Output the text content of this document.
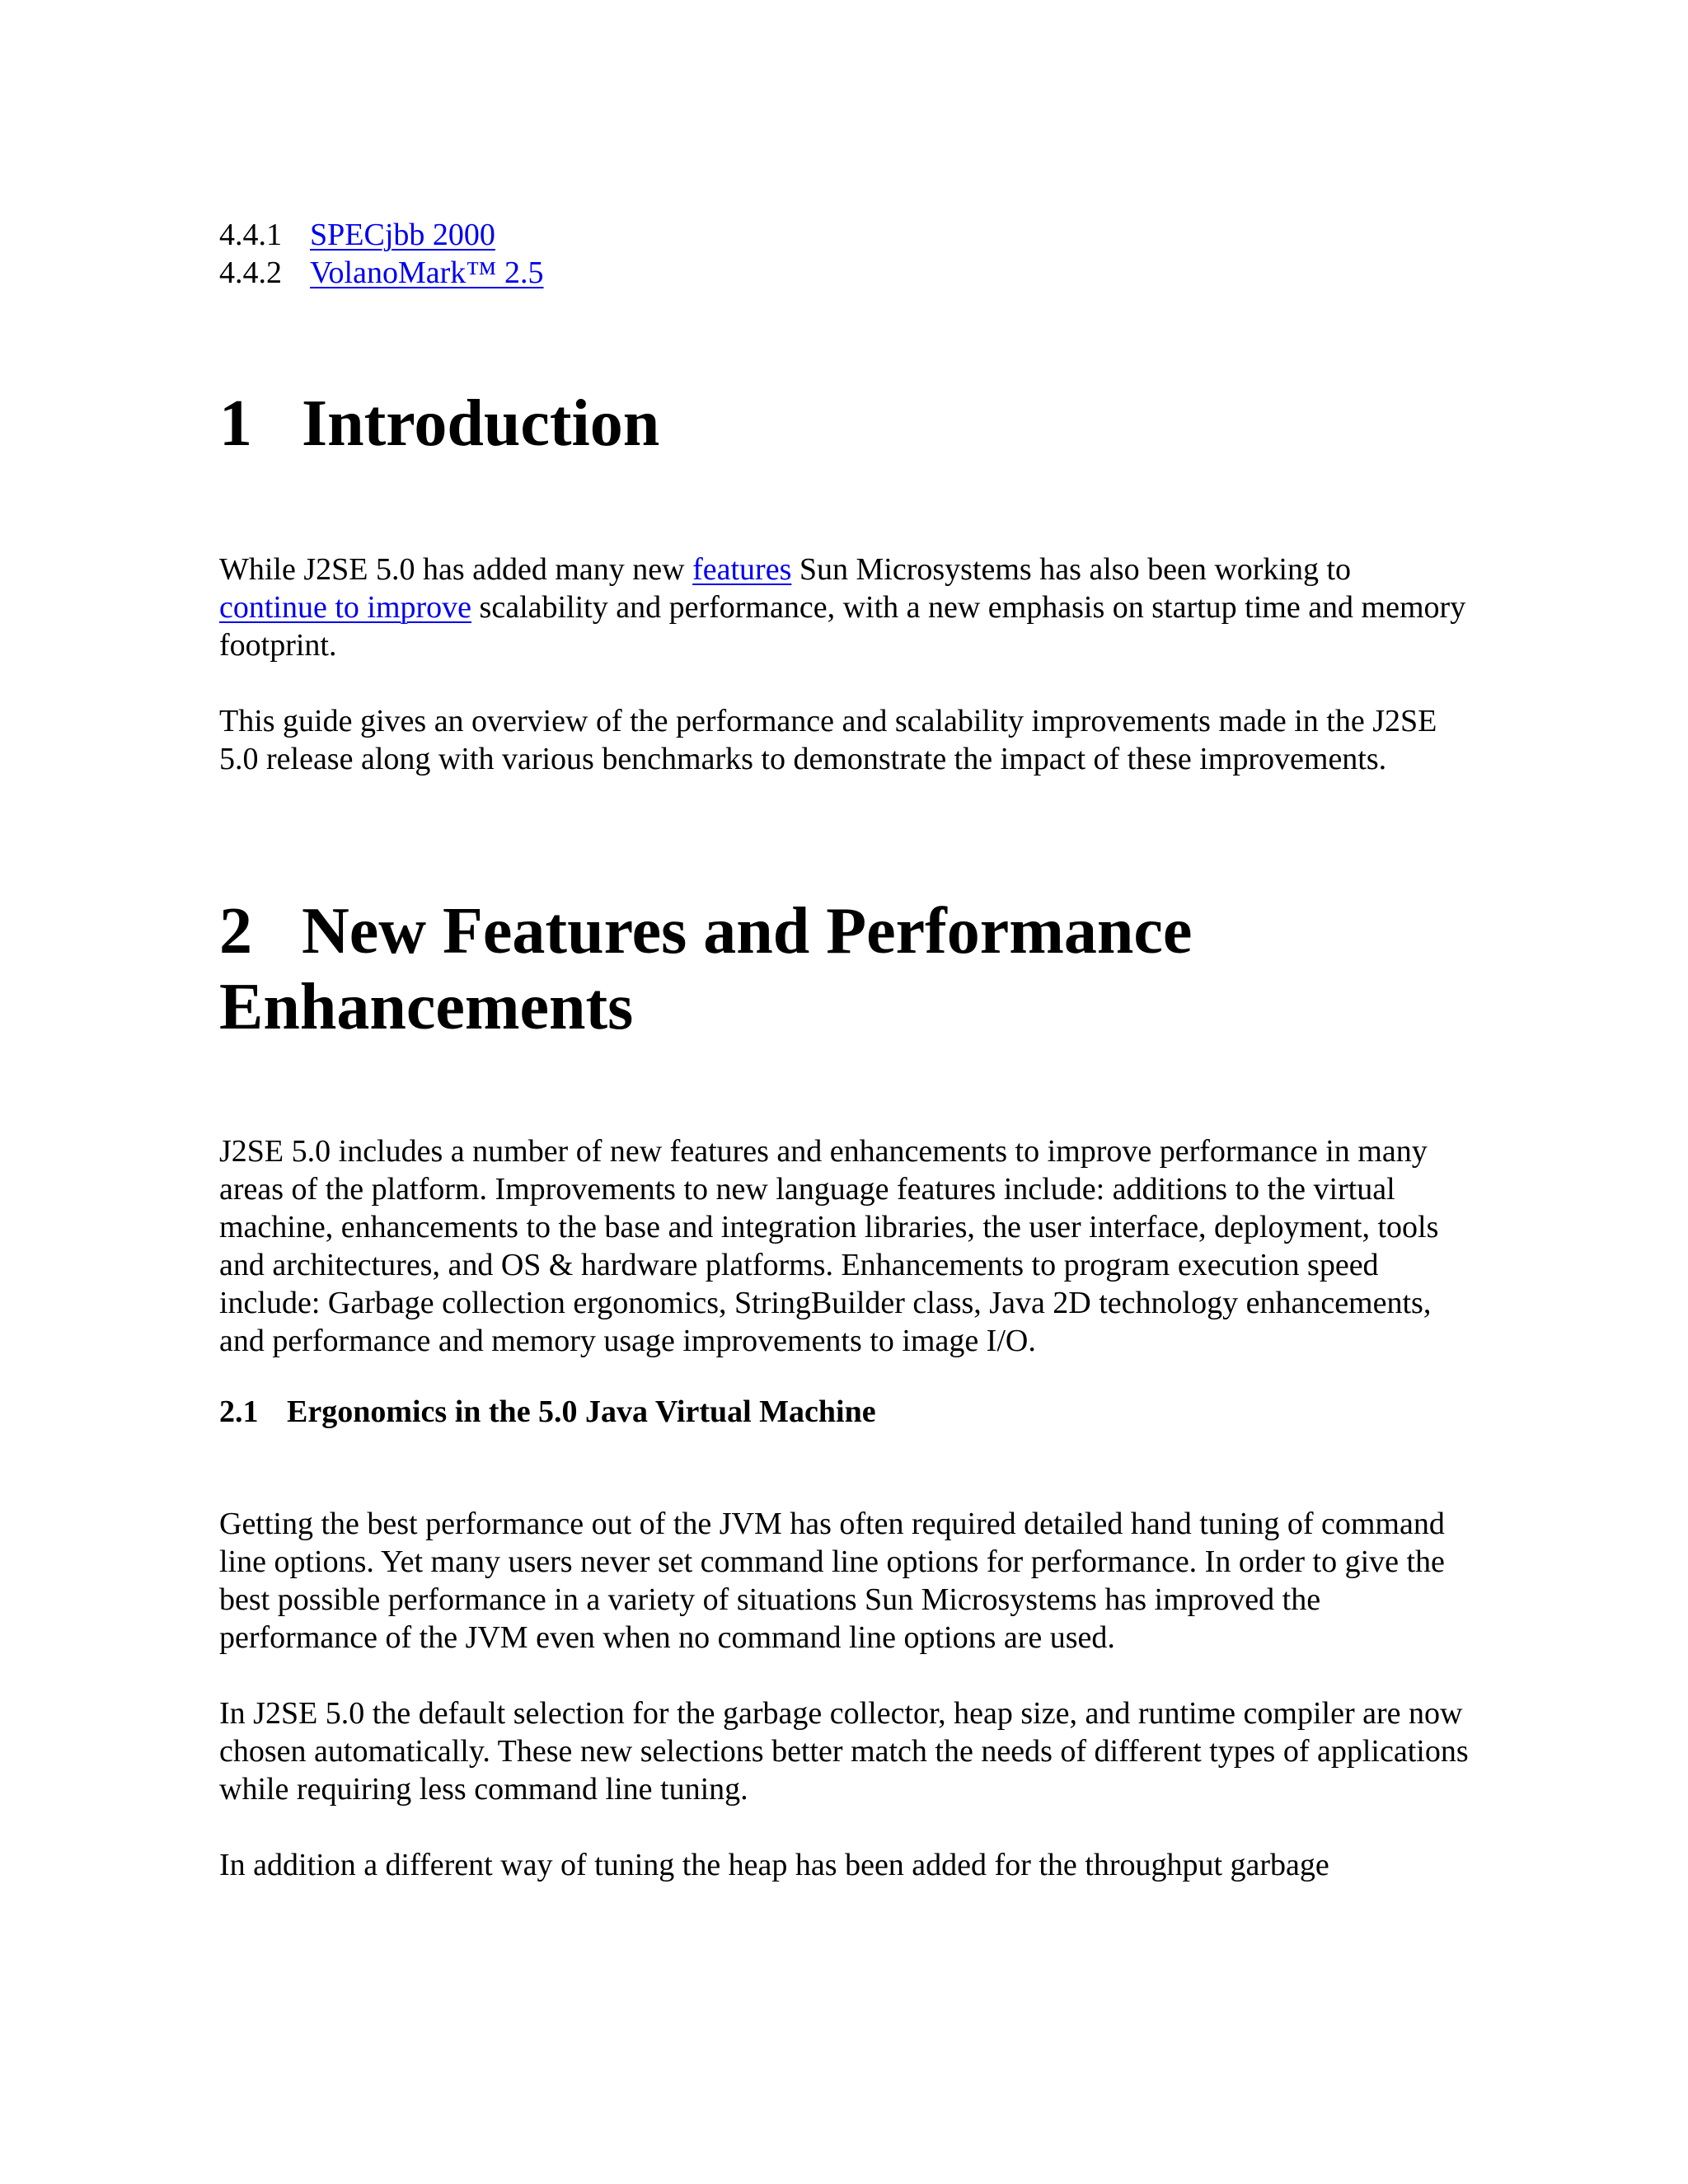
4.4.1 SPECjbb 2000
4.4.2 VolanoMark™ 2.5
1 Introduction

While J2SE 5.0 has added many new features Sun Microsystems has also been working to
continue to improve scalability and performance, with a new emphasis on startup time and memory footprint.

This guide gives an overview of the performance and scalability improvements made in the J2SE 5.0 release along with various benchmarks to demonstrate the impact of these improvements.

2 New Features and Performance
Enhancements

J2SE 5.0 includes a number of new features and enhancements to improve performance in many areas of the platform. Improvements to new language features include: additions to the virtual machine, enhancements to the base and integration libraries, the user interface, deployment, tools and architectures, and OS & hardware platforms. Enhancements to program execution speed include: Garbage collection ergonomics, StringBuilder class, Java 2D technology enhancements, and performance and memory usage improvements to image I/O.

2.1 Ergonomics in the 5.0 Java Virtual Machine

Getting the best performance out of the JVM has often required detailed hand tuning of command line options. Yet many users never set command line options for performance. In order to give the best possible performance in a variety of situations Sun Microsystems has improved the performance of the JVM even when no command line options are used.

In J2SE 5.0 the default selection for the garbage collector, heap size, and runtime compiler are now chosen automatically. These new selections better match the needs of different types of applications while requiring less command line tuning.

In addition a different way of tuning the heap has been added for the throughput garbage
